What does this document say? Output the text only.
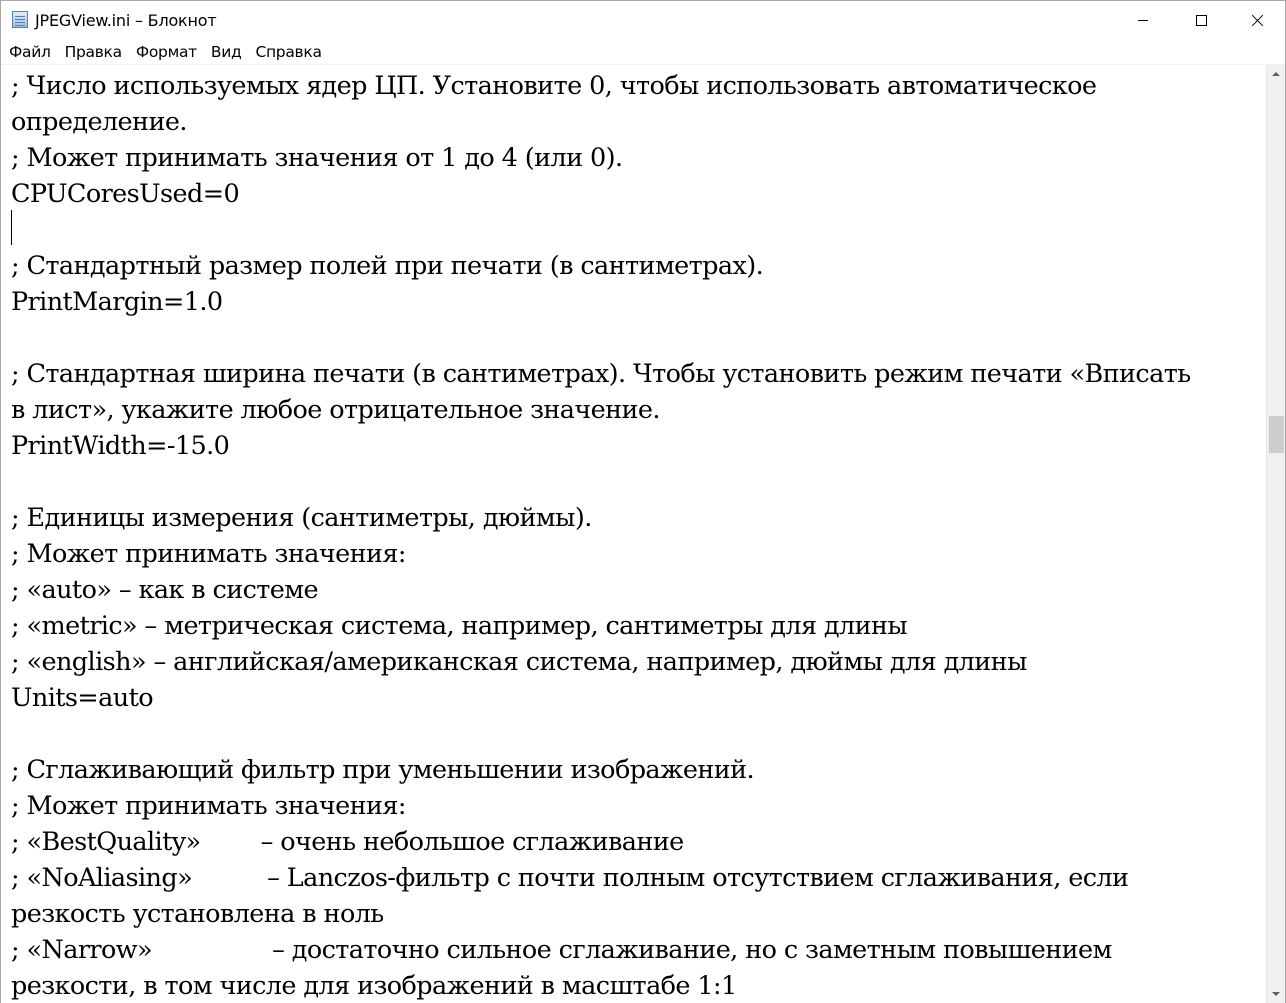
JPEGView.ini – Блокнот
Файл Правка Формат Вид Справка
; Число используемых ядер ЦП. Установите 0, чтобы использовать автоматическое
определение.
; Может принимать значения от 1 до 4 (или 0).
CPUCoresUsed=0
; Стандартный размер полей при печати (в сантиметрах).
PrintMargin=1.0
; Стандартная ширина печати (в сантиметрах). Чтобы установить режим печати «Вписать
в лист», укажите любое отрицательное значение.
PrintWidth=-15.0
; Единицы измерения (сантиметры, дюймы).
; Может принимать значения:
; «auto» – как в системе
; «metric» – метрическая система, например, сантиметры для длины
; «english» – английская/американская система, например, дюймы для длины
Units=auto
; Сглаживающий фильтр при уменьшении изображений.
; Может принимать значения:
; «BestQuality»        – очень небольшое сглаживание
; «NoAliasing»          – Lanczos-фильтр с почти полным отсутствием сглаживания, если
резкость установлена в ноль
; «Narrow»                – достаточно сильное сглаживание, но с заметным повышением
резкости, в том числе для изображений в масштабе 1:1
